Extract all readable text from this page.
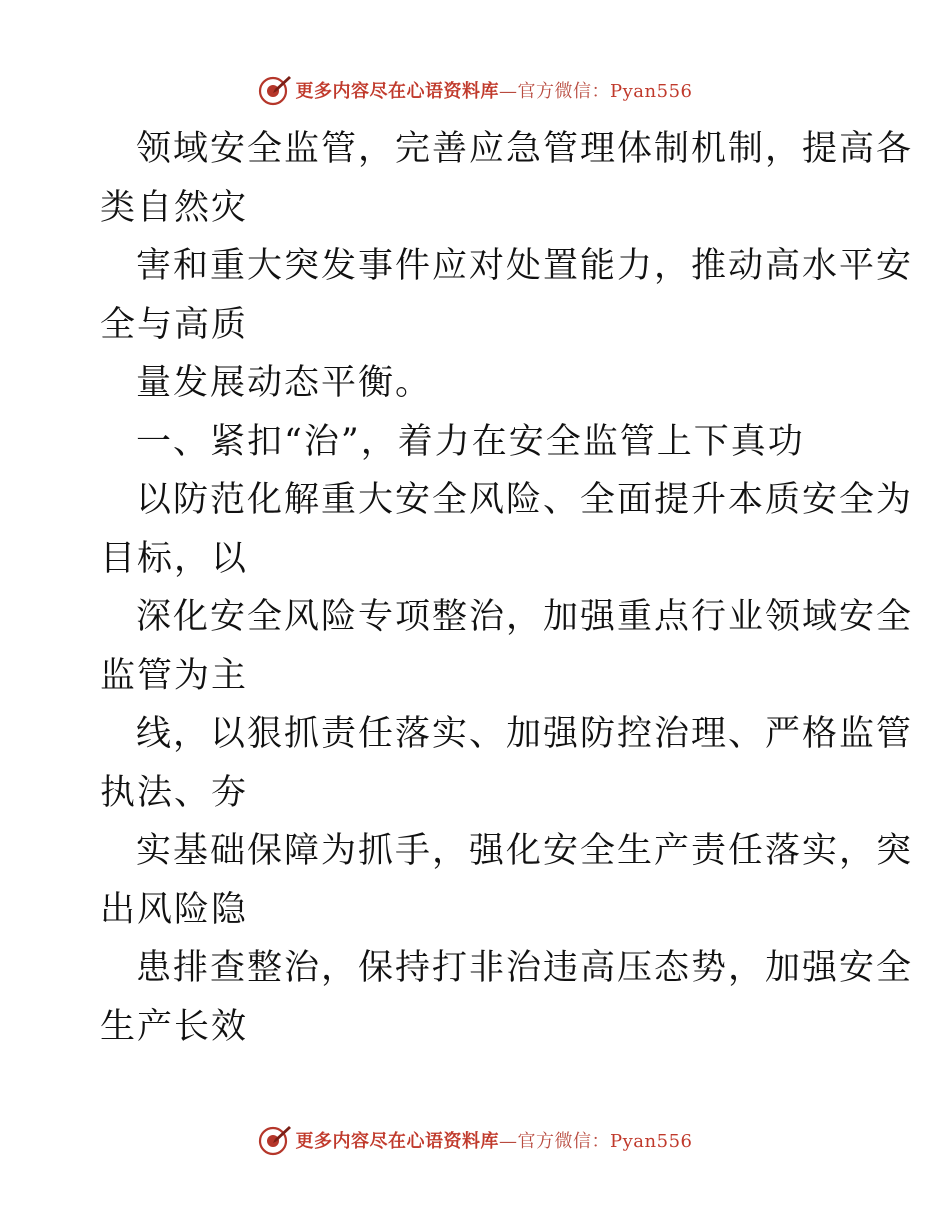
更多内容尽在心语资料库—官方微信：Pyan556
领域安全监管，完善应急管理体制机制，提高各
类自然灾
害和重大突发事件应对处置能力，推动高水平安
全与高质
量发展动态平衡。
一、紧扣“治”，着力在安全监管上下真功
以防范化解重大安全风险、全面提升本质安全为
目标，以
深化安全风险专项整治，加强重点行业领域安全
监管为主
线，以狠抓责任落实、加强防控治理、严格监管
执法、夯
实基础保障为抓手，强化安全生产责任落实，突
出风险隐
患排查整治，保持打非治违高压态势，加强安全
生产长效
更多内容尽在心语资料库—官方微信：Pyan556
